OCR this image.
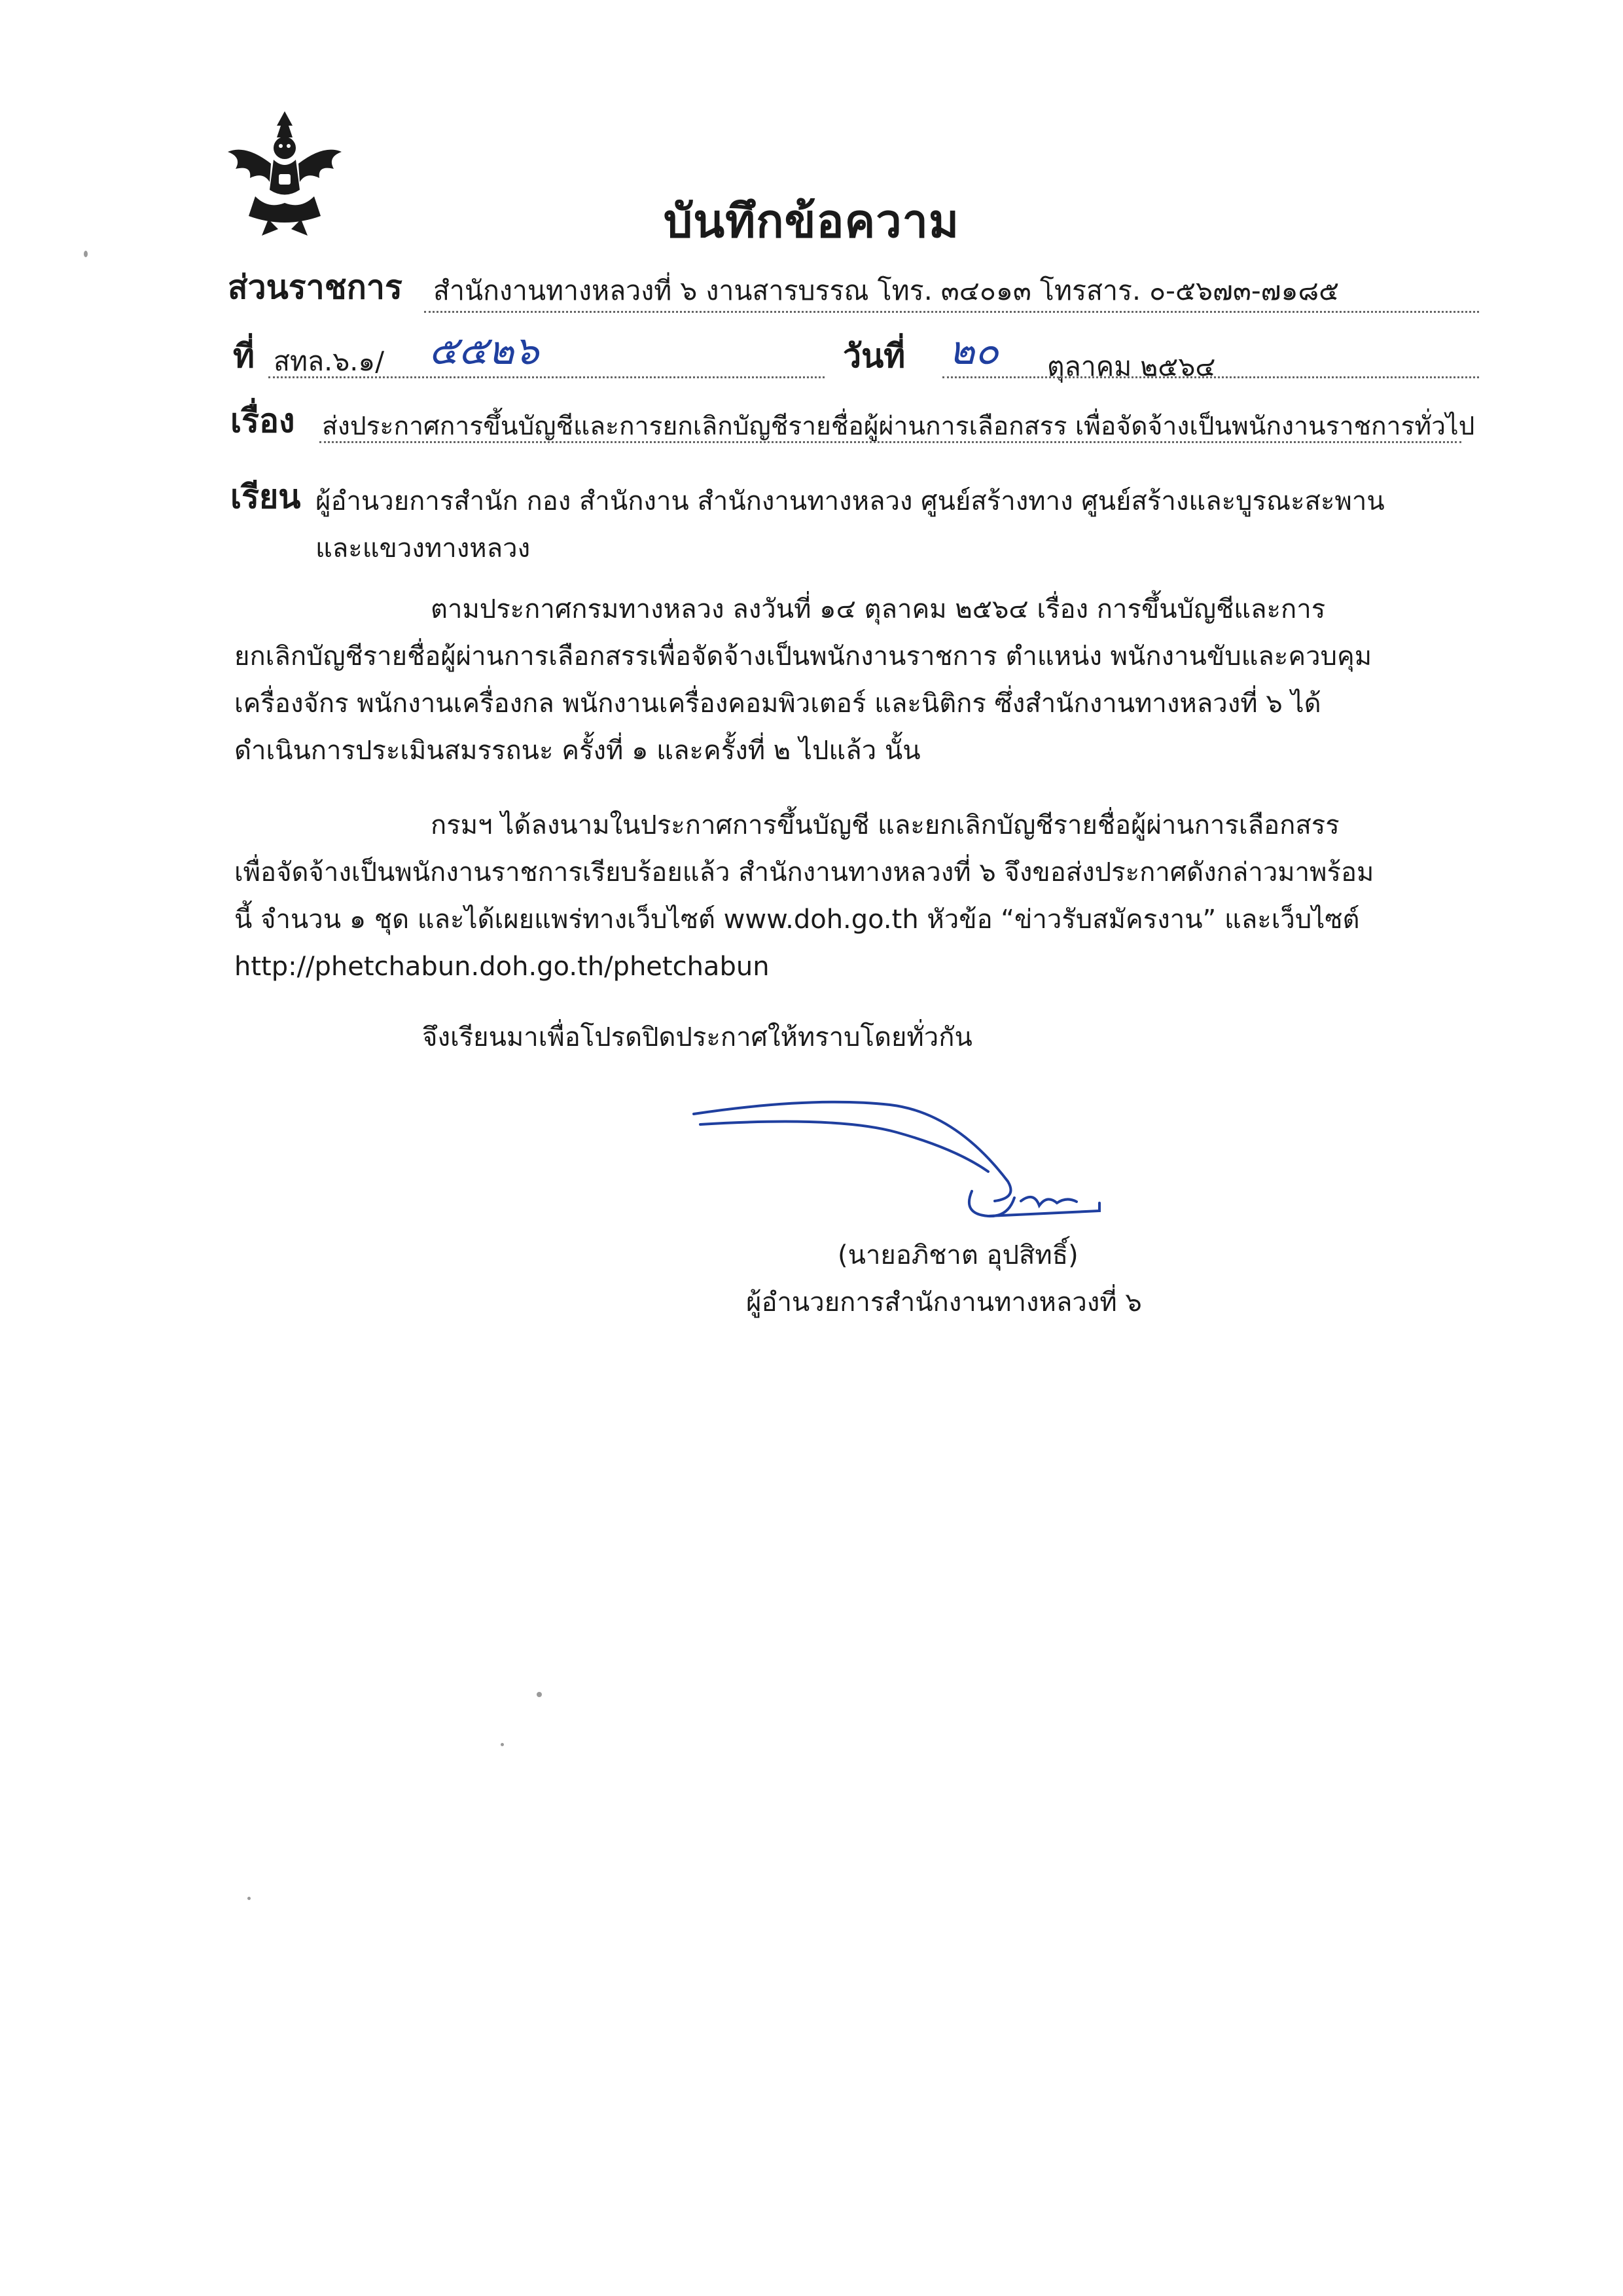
บันทึกข้อความ
ส่วนราชการ สำนักงานทางหลวงที่ ๖ งานสารบรรณ โทร. ๓๔๐๑๓ โทรสาร. ๐-๕๖๗๓-๗๑๘๕
ที่ สทล.๖.๑/ ๕๕๒๖	วันที่ ๒๐ ตุลาคม ๒๕๖๔
เรื่อง ส่งประกาศการขึ้นบัญชีและการยกเลิกบัญชีรายชื่อผู้ผ่านการเลือกสรร เพื่อจัดจ้างเป็นพนักงานราชการทั่วไป
เรียน ผู้อำนวยการสำนัก กอง สำนักงาน สำนักงานทางหลวง ศูนย์สร้างทาง ศูนย์สร้างและบูรณะสะพาน
และแขวงทางหลวง
ตามประกาศกรมทางหลวง ลงวันที่ ๑๔ ตุลาคม ๒๕๖๔ เรื่อง การขึ้นบัญชีและการ
ยกเลิกบัญชีรายชื่อผู้ผ่านการเลือกสรรเพื่อจัดจ้างเป็นพนักงานราชการ ตำแหน่ง พนักงานขับและควบคุม
เครื่องจักร พนักงานเครื่องกล พนักงานเครื่องคอมพิวเตอร์ และนิติกร ซึ่งสำนักงานทางหลวงที่ ๖ ได้
ดำเนินการประเมินสมรรถนะ ครั้งที่ ๑ และครั้งที่ ๒ ไปแล้ว นั้น
กรมฯ ได้ลงนามในประกาศการขึ้นบัญชี และยกเลิกบัญชีรายชื่อผู้ผ่านการเลือกสรร
เพื่อจัดจ้างเป็นพนักงานราชการเรียบร้อยแล้ว สำนักงานทางหลวงที่ ๖ จึงขอส่งประกาศดังกล่าวมาพร้อม
นี้ จำนวน ๑ ชุด และได้เผยแพร่ทางเว็บไซต์ www.doh.go.th หัวข้อ “ข่าวรับสมัครงาน” และเว็บไซต์
http://phetchabun.doh.go.th/phetchabun
จึงเรียนมาเพื่อโปรดปิดประกาศให้ทราบโดยทั่วกัน
(นายอภิชาต อุปสิทธิ์)
ผู้อำนวยการสำนักงานทางหลวงที่ ๖
